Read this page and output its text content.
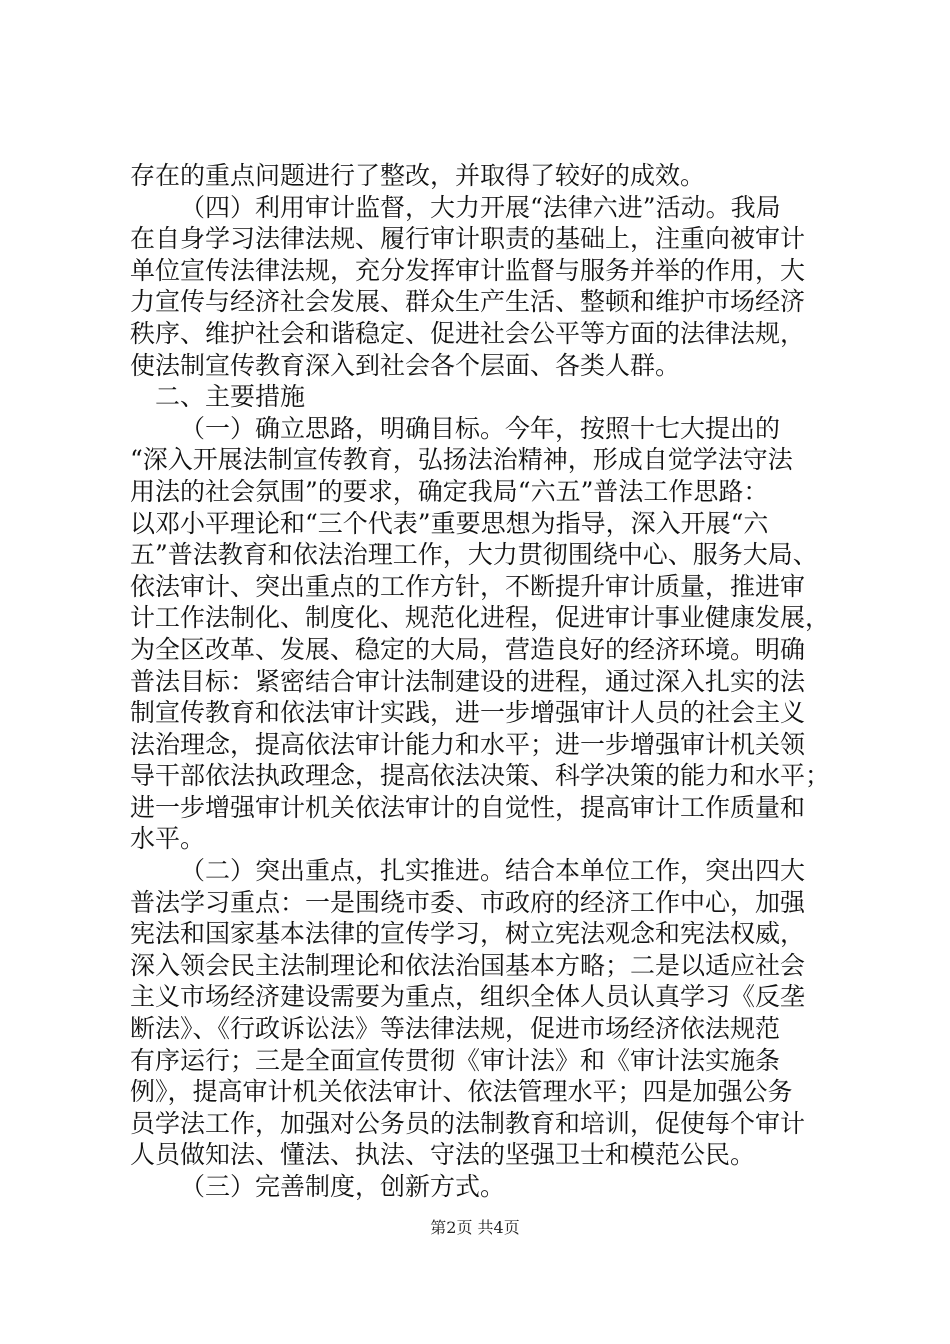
存在的重点问题进行了整改，并取得了较好的成效。
（四）利用审计监督，大力开展“法律六进”活动。我局
在自身学习法律法规、履行审计职责的基础上，注重向被审计
单位宣传法律法规，充分发挥审计监督与服务并举的作用，大
力宣传与经济社会发展、群众生产生活、整顿和维护市场经济
秩序、维护社会和谐稳定、促进社会公平等方面的法律法规，
使法制宣传教育深入到社会各个层面、各类人群。
二、主要措施
（一）确立思路，明确目标。今年，按照十七大提出的
“深入开展法制宣传教育，弘扬法治精神，形成自觉学法守法
用法的社会氛围”的要求，确定我局“六五”普法工作思路：
以邓小平理论和“三个代表”重要思想为指导，深入开展“六
五”普法教育和依法治理工作，大力贯彻围绕中心、服务大局、
依法审计、突出重点的工作方针，不断提升审计质量，推进审
计工作法制化、制度化、规范化进程，促进审计事业健康发展，
为全区改革、发展、稳定的大局，营造良好的经济环境。明确
普法目标：紧密结合审计法制建设的进程，通过深入扎实的法
制宣传教育和依法审计实践，进一步增强审计人员的社会主义
法治理念，提高依法审计能力和水平；进一步增强审计机关领
导干部依法执政理念，提高依法决策、科学决策的能力和水平；
进一步增强审计机关依法审计的自觉性，提高审计工作质量和
水平。
（二）突出重点，扎实推进。结合本单位工作，突出四大
普法学习重点：一是围绕市委、市政府的经济工作中心，加强
宪法和国家基本法律的宣传学习，树立宪法观念和宪法权威，
深入领会民主法制理论和依法治国基本方略；二是以适应社会
主义市场经济建设需要为重点，组织全体人员认真学习《反垄
断法》、《行政诉讼法》等法律法规，促进市场经济依法规范
有序运行；三是全面宣传贯彻《审计法》和《审计法实施条
例》，提高审计机关依法审计、依法管理水平；四是加强公务
员学法工作，加强对公务员的法制教育和培训，促使每个审计
人员做知法、懂法、执法、守法的坚强卫士和模范公民。
（三）完善制度，创新方式。
第2页 共4页
